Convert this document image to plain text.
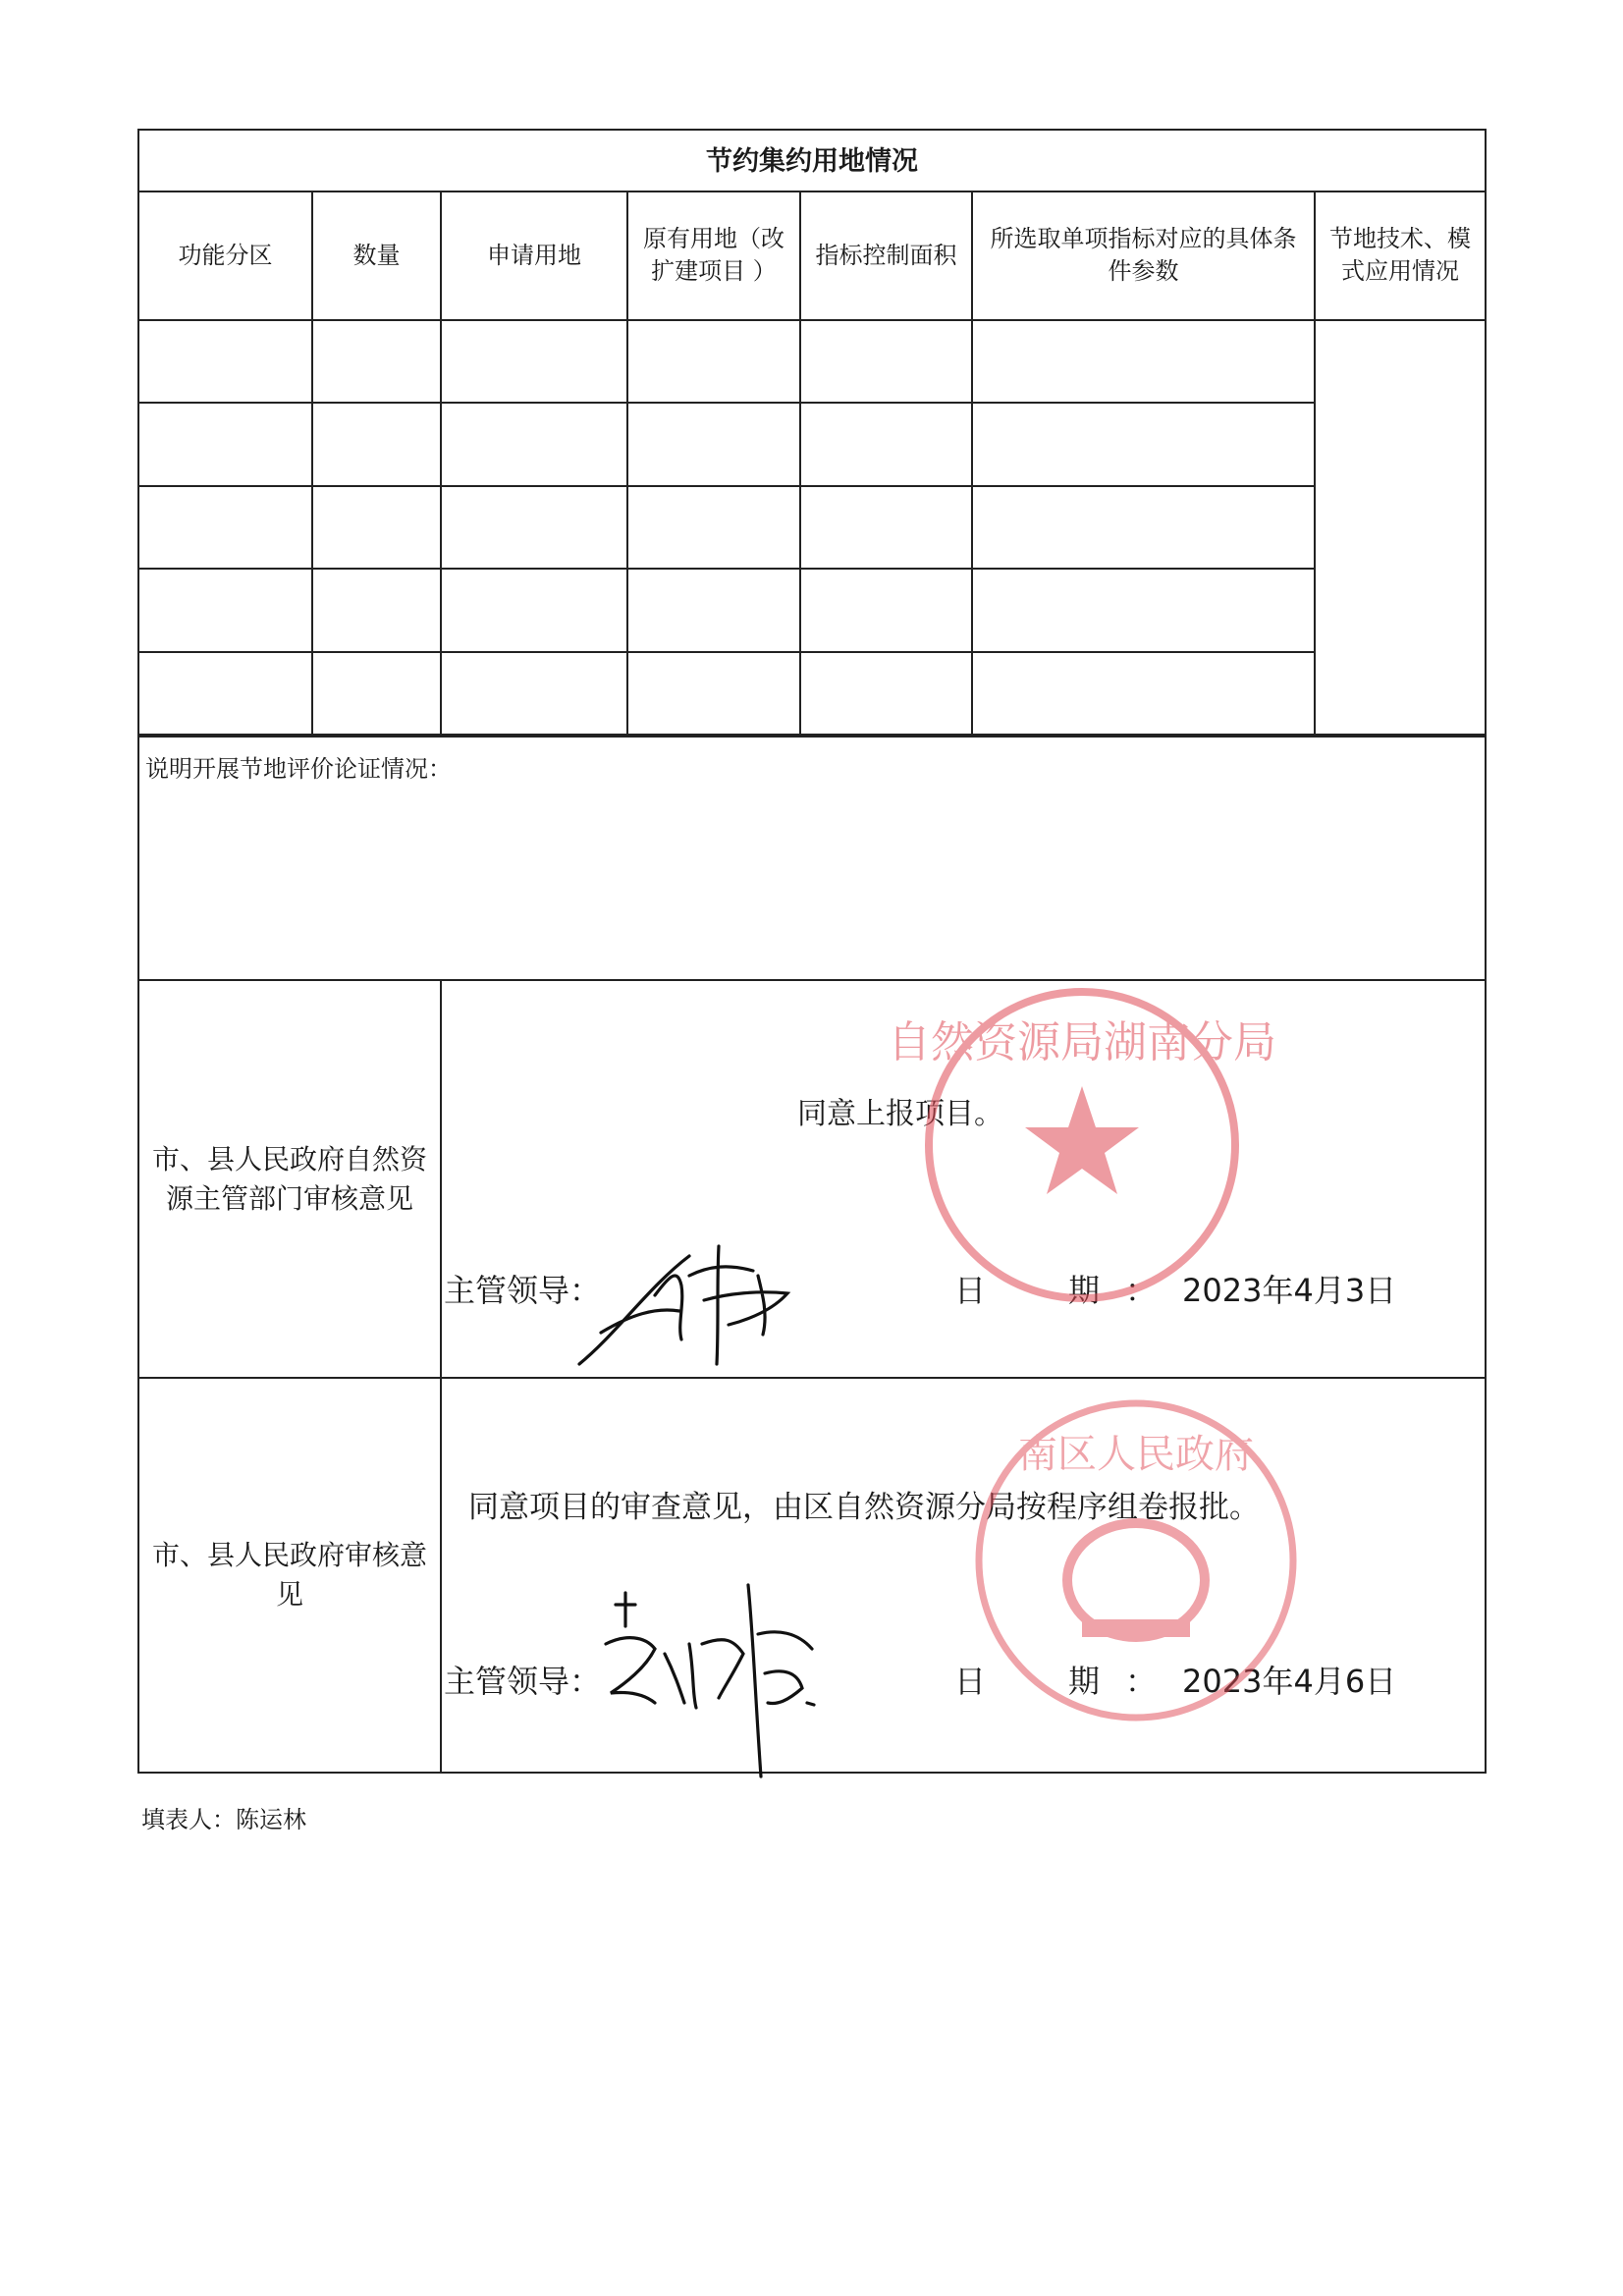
节约集约用地情况
功能分区	数量	申请用地	原有用地（改扩建项目 ）	指标控制面积	所选取单项指标对应的具体条件参数	节地技术、模式应用情况

说明开展节地评价论证情况：
市、县人民政府自然资源主管部门审核意见
同意上报项目。
主管领导：	日　期：2023年4月3日
自然资源局湖南分局
市、县人民政府审核意见
同意项目的审查意见，由区自然资源分局按程序组卷报批。
主管领导：	日　期：2023年4月6日
南区人民政府
填表人：陈运林
